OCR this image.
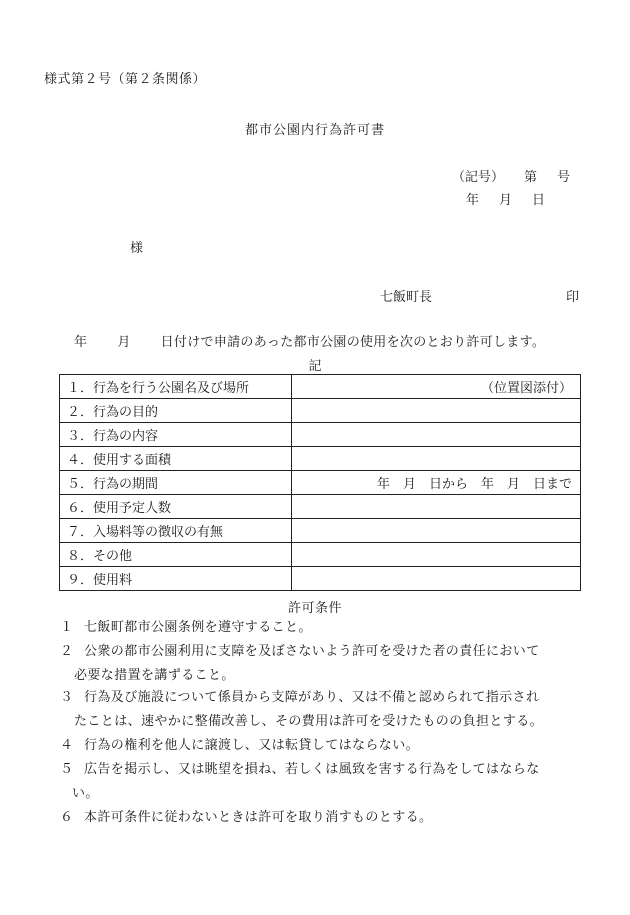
様式第２号（第２条関係）
都市公園内行為許可書
（記号） 第 号
年 月 日
様
七飯町長	印
年 月 日付けで申請のあった都市公園の使用を次のとおり許可します。
記
１．行為を行う公園名及び場所	（位置図添付）
２．行為の目的	
３．行為の内容	
４．使用する面積	
５．行為の期間	年　月　日から　年　月　日まで
６．使用予定人数	
７．入場料等の徴収の有無	
８．その他	
９．使用料	
許可条件
１ 七飯町都市公園条例を遵守すること。
２ 公衆の都市公園利用に支障を及ぼさないよう許可を受けた者の責任において
必要な措置を講ずること。
３ 行為及び施設について係員から支障があり、又は不備と認められて指示され
たことは、速やかに整備改善し、その費用は許可を受けたものの負担とする。
４ 行為の権利を他人に譲渡し、又は転貸してはならない。
５ 広告を掲示し、又は眺望を損ね、若しくは風致を害する行為をしてはならな
い。
６ 本許可条件に従わないときは許可を取り消すものとする。
